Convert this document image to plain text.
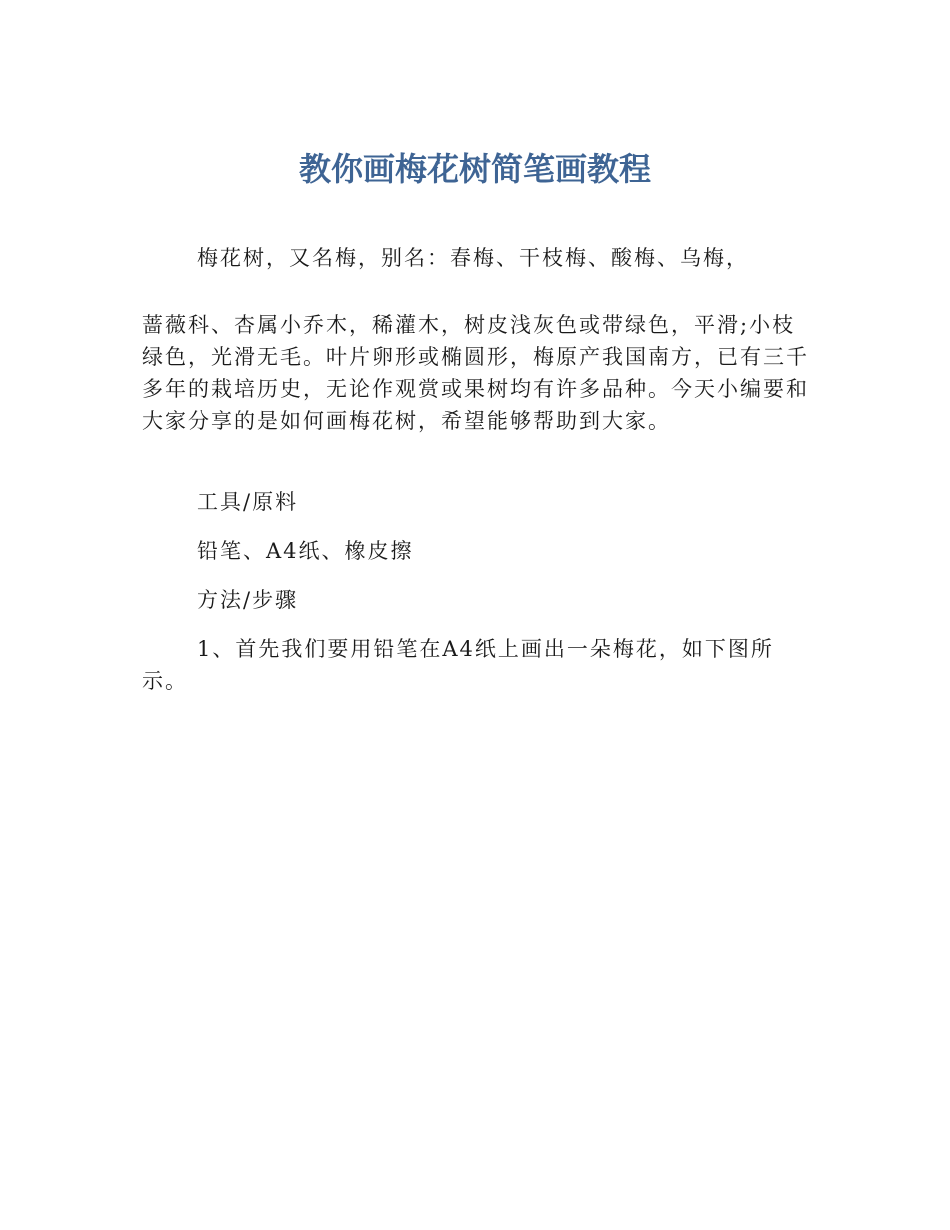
教你画梅花树简笔画教程

梅花树，又名梅，别名：春梅、干枝梅、酸梅、乌梅，

蔷薇科、杏属小乔木，稀灌木，树皮浅灰色或带绿色，平滑;小枝绿色，光滑无毛。叶片卵形或椭圆形，梅原产我国南方，已有三千多年的栽培历史，无论作观赏或果树均有许多品种。今天小编要和大家分享的是如何画梅花树，希望能够帮助到大家。

工具/原料

铅笔、A4纸、橡皮擦

方法/步骤

1、首先我们要用铅笔在A4纸上画出一朵梅花，如下图所示。
